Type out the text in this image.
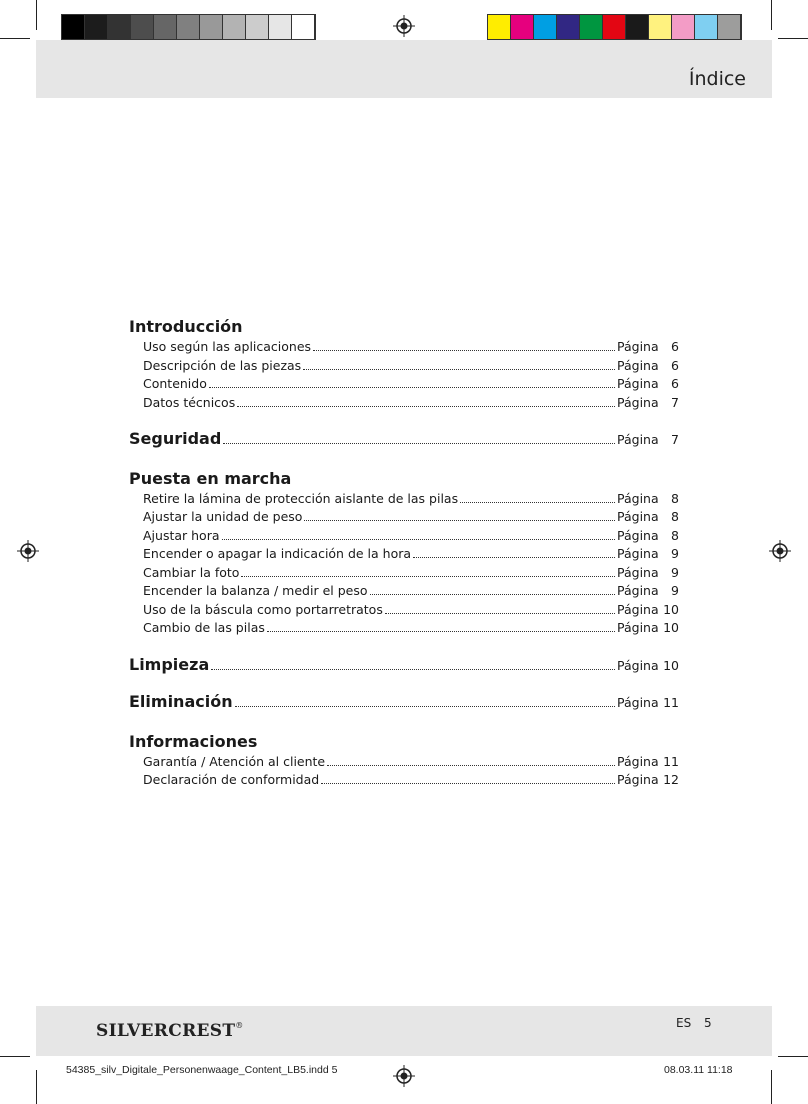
Índice
Introducción
Uso según las aplicaciones	Página 6
Descripción de las piezas	Página 6
Contenido	Página 6
Datos técnicos	Página 7
Seguridad	Página 7
Puesta en marcha
Retire la lámina de protección aislante de las pilas	Página 8
Ajustar la unidad de peso	Página 8
Ajustar hora	Página 8
Encender o apagar la indicación de la hora	Página 9
Cambiar la foto	Página 9
Encender la balanza / medir el peso	Página 9
Uso de la báscula como portarretratos	Página 10
Cambio de las pilas	Página 10
Limpieza	Página 10
Eliminación	Página 11
Informaciones
Garantía / Atención al cliente	Página 11
Declaración de conformidad	Página 12
SILVERCREST®	ES 5
54385_silv_Digitale_Personenwaage_Content_LB5.indd 5	08.03.11 11:18
